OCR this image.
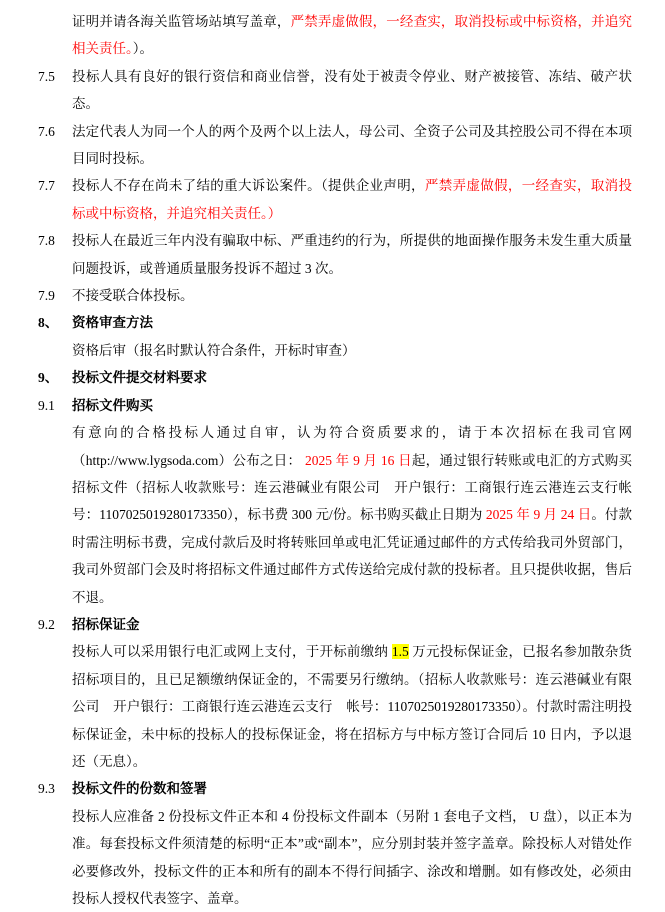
证明并请各海关监管场站填写盖章，严禁弄虚做假，一经查实，取消投标或中标资格，并追究相关责任。）。
7.5 投标人具有良好的银行资信和商业信誉，没有处于被责令停业、财产被接管、冻结、破产状态。
7.6 法定代表人为同一个人的两个及两个以上法人，母公司、全资子公司及其控股公司不得在本项目同时投标。
7.7 投标人不存在尚未了结的重大诉讼案件。（提供企业声明，严禁弄虚做假，一经查实，取消投标或中标资格，并追究相关责任。）
7.8 投标人在最近三年内没有骗取中标、严重违约的行为，所提供的地面操作服务未发生重大质量问题投诉，或普通质量服务投诉不超过 3 次。
7.9 不接受联合体投标。
8、 资格审查方法
资格后审（报名时默认符合条件，开标时审查）
9、 投标文件提交材料要求
9.1 招标文件购买
有意向的合格投标人通过自审，认为符合资质要求的，请于本次招标在我司官网（http://www.lygsoda.com）公布之日： 2025 年 9 月 16 日起，通过银行转账或电汇的方式购买招标文件（招标人收款账号：连云港碱业有限公司　开户银行：工商银行连云港连云支行帐号：1107025019280173350），标书费 300 元/份。标书购买截止日期为 2025 年 9 月 24 日。付款时需注明标书费，完成付款后及时将转账回单或电汇凭证通过邮件的方式传给我司外贸部门，我司外贸部门会及时将招标文件通过邮件方式传送给完成付款的投标者。且只提供收据，售后不退。
9.2 招标保证金
投标人可以采用银行电汇或网上支付，于开标前缴纳 1.5 万元投标保证金，已报名参加散杂货招标项目的，且已足额缴纳保证金的，不需要另行缴纳。（招标人收款账号：连云港碱业有限公司　开户银行：工商银行连云港连云支行　帐号：1107025019280173350）。付款时需注明投标保证金，未中标的投标人的投标保证金，将在招标方与中标方签订合同后 10 日内，予以退还（无息）。
9.3 投标文件的份数和签署
投标人应准备 2 份投标文件正本和 4 份投标文件副本（另附 1 套电子文档， U 盘），以正本为准。每套投标文件须清楚的标明“正本”或“副本”，应分别封装并签字盖章。除投标人对错处作必要修改外，投标文件的正本和所有的副本不得行间插字、涂改和增删。如有修改处，必须由投标人授权代表签字、盖章。
